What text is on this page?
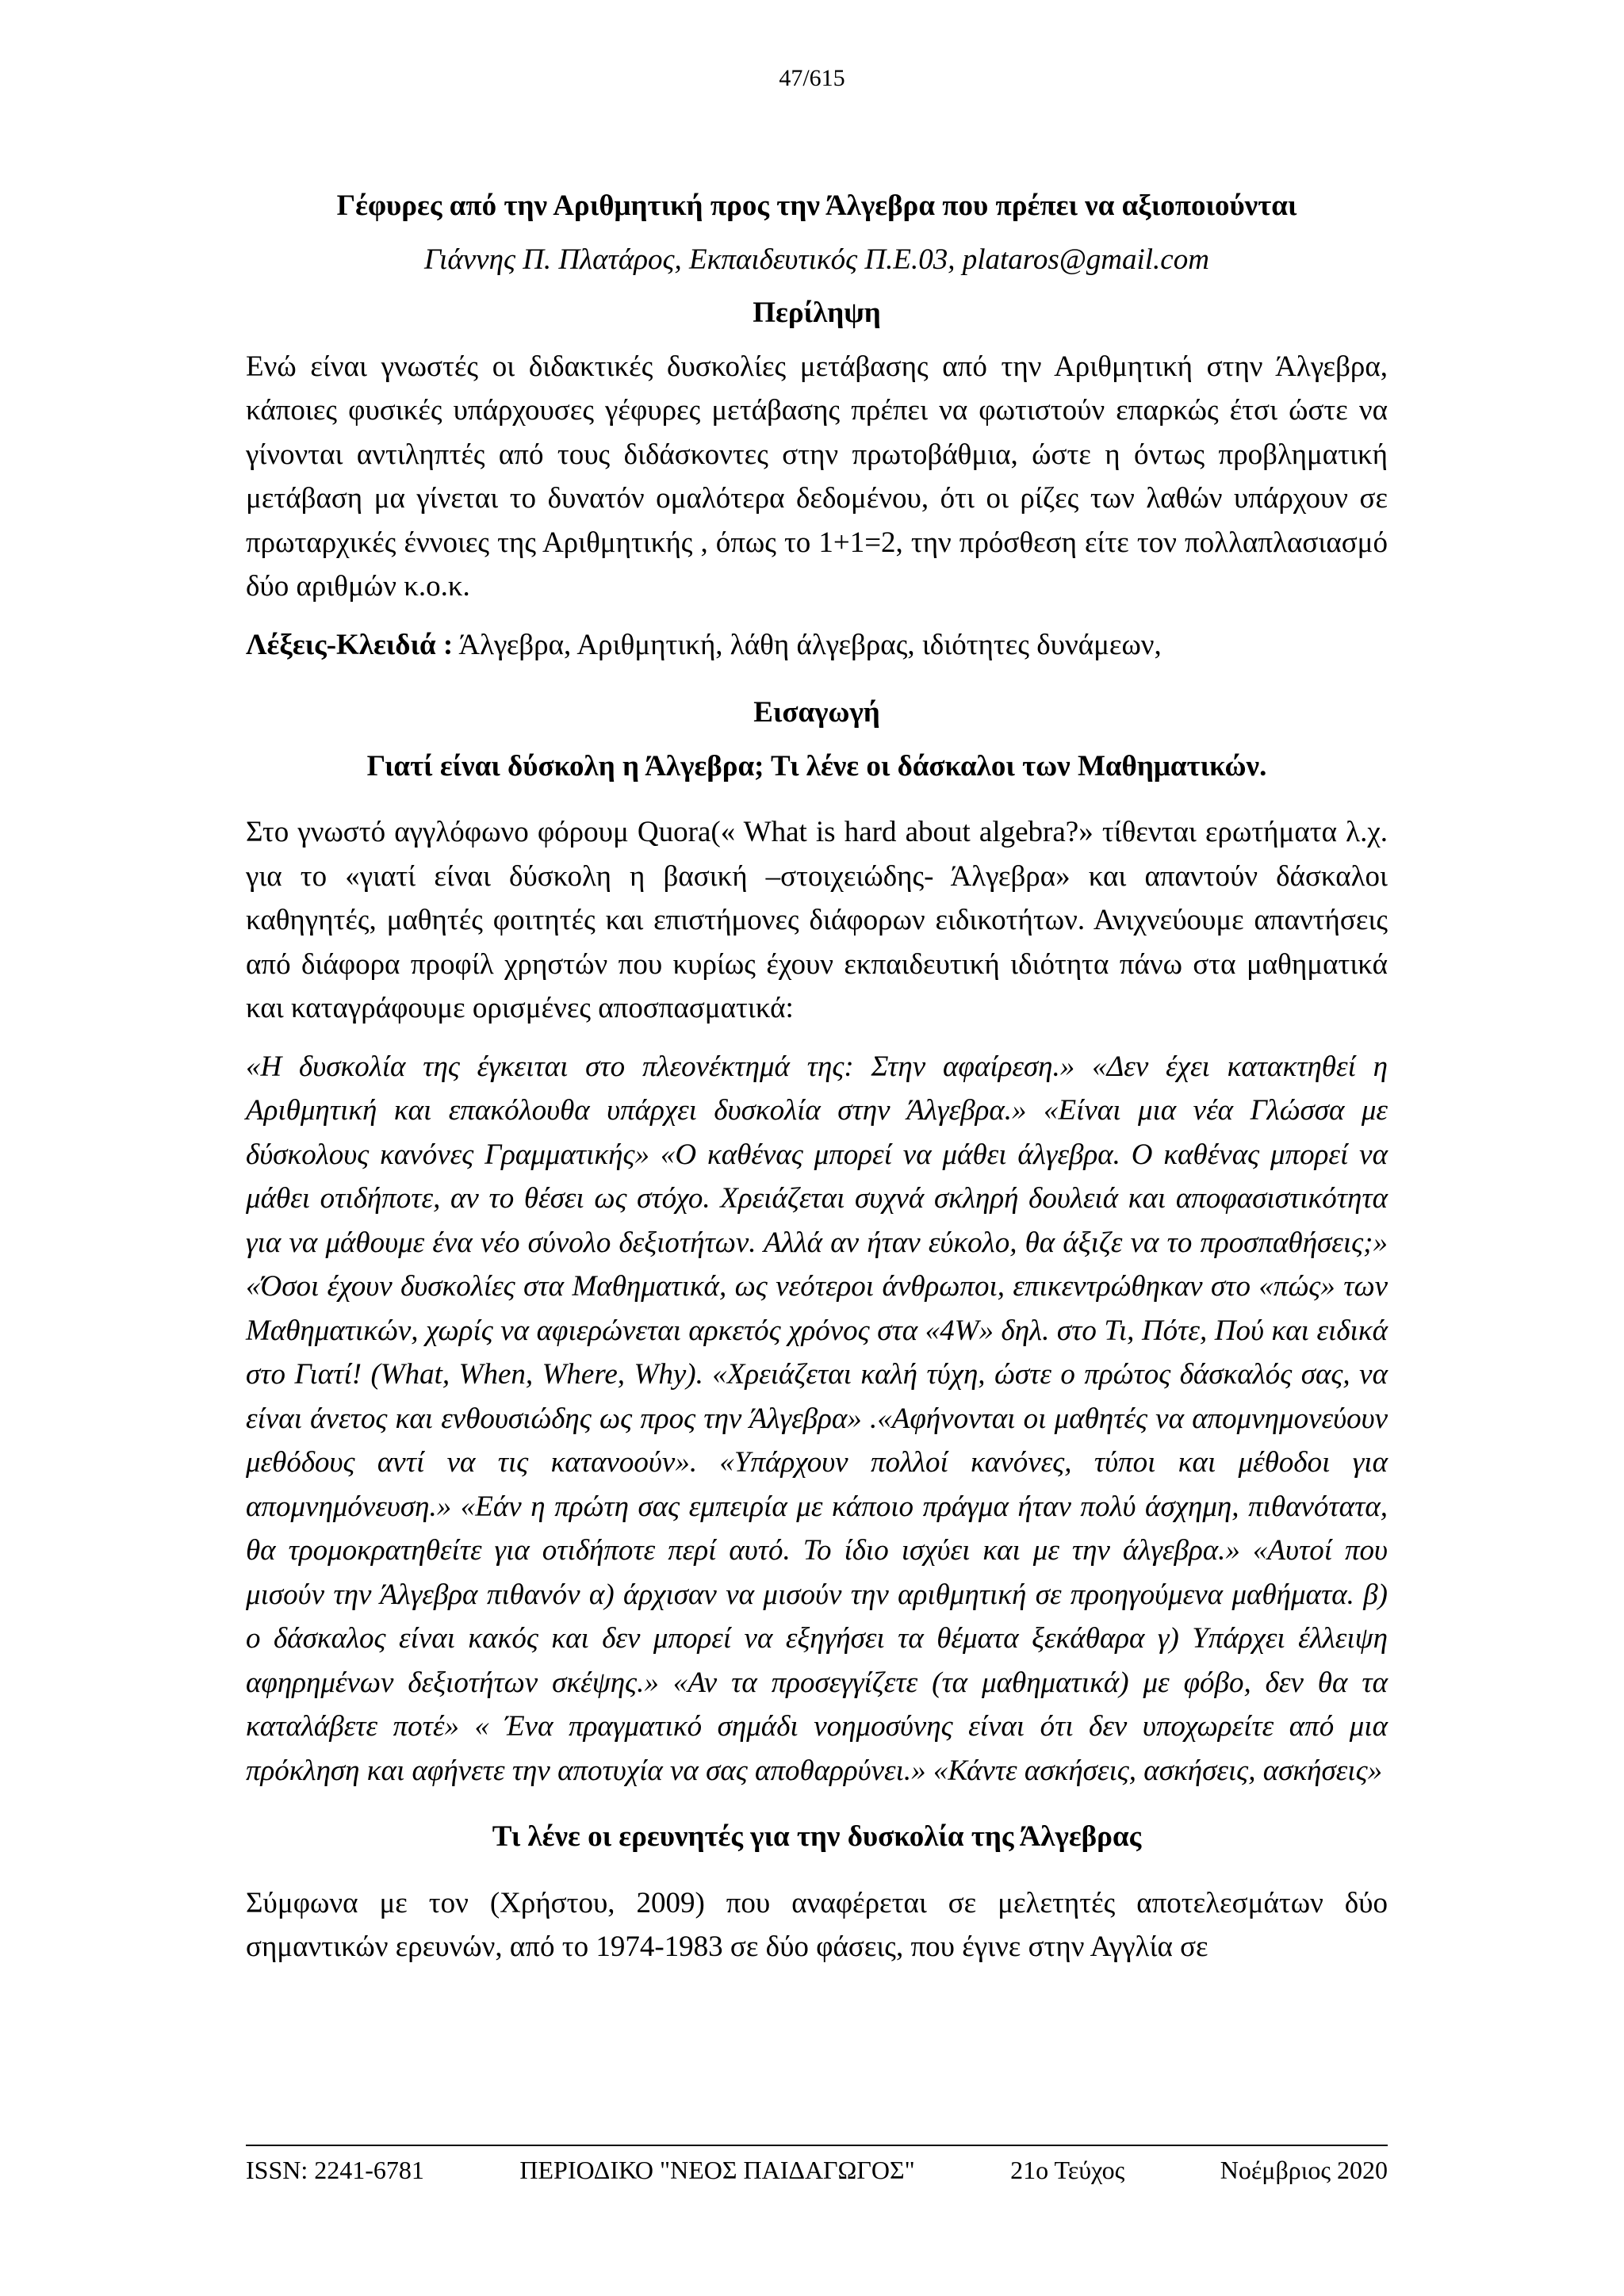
47/615
Γέφυρες από την Αριθμητική προς την Άλγεβρα που πρέπει να αξιοποιούνται
Γιάννης Π. Πλατάρος, Εκπαιδευτικός Π.Ε.03, plataros@gmail.com
Περίληψη

Ενώ είναι γνωστές οι διδακτικές δυσκολίες μετάβασης από την Αριθμητική στην Άλγεβρα, κάποιες φυσικές υπάρχουσες γέφυρες μετάβασης πρέπει να φωτιστούν επαρκώς έτσι ώστε να γίνονται αντιληπτές από τους διδάσκοντες στην πρωτοβάθμια, ώστε η όντως προβληματική μετάβαση μα γίνεται το δυνατόν ομαλότερα δεδομένου, ότι οι ρίζες των λαθών υπάρχουν σε πρωταρχικές έννοιες της Αριθμητικής , όπως το 1+1=2, την πρόσθεση είτε τον πολλαπλασιασμό δύο αριθμών κ.ο.κ.

Λέξεις-Κλειδιά : Άλγεβρα, Αριθμητική, λάθη άλγεβρας, ιδιότητες δυνάμεων,

Εισαγωγή
Γιατί είναι δύσκολη η Άλγεβρα; Τι λένε οι δάσκαλοι των Μαθηματικών.

Στο γνωστό αγγλόφωνο φόρουμ Quora(« What is hard about algebra?» τίθενται ερωτήματα λ.χ. για το «γιατί είναι δύσκολη η βασική –στοιχειώδης- Άλγεβρα» και απαντούν δάσκαλοι καθηγητές, μαθητές φοιτητές και επιστήμονες διάφορων ειδικοτήτων. Ανιχνεύουμε απαντήσεις από διάφορα προφίλ χρηστών που κυρίως έχουν εκπαιδευτική ιδιότητα πάνω στα μαθηματικά και καταγράφουμε ορισμένες αποσπασματικά:

«Η δυσκολία της έγκειται στο πλεονέκτημά της: Στην αφαίρεση.» «Δεν έχει κατακτηθεί η Αριθμητική και επακόλουθα υπάρχει δυσκολία στην Άλγεβρα.» «Είναι μια νέα Γλώσσα με δύσκολους κανόνες Γραμματικής» «Ο καθένας μπορεί να μάθει άλγεβρα. Ο καθένας μπορεί να μάθει οτιδήποτε, αν το θέσει ως στόχο. Χρειάζεται συχνά σκληρή δουλειά και αποφασιστικότητα για να μάθουμε ένα νέο σύνολο δεξιοτήτων. Αλλά αν ήταν εύκολο, θα άξιζε να το προσπαθήσεις;» «Όσοι έχουν δυσκολίες στα Μαθηματικά, ως νεότεροι άνθρωποι, επικεντρώθηκαν στο «πώς» των Μαθηματικών, χωρίς να αφιερώνεται αρκετός χρόνος στα «4W» δηλ. στο Τι, Πότε, Πού και ειδικά στο Γιατί! (What, When, Where, Why). «Χρειάζεται καλή τύχη, ώστε ο πρώτος δάσκαλός σας, να είναι άνετος και ενθουσιώδης ως προς την Άλγεβρα» .«Αφήνονται οι μαθητές να απομνημονεύουν μεθόδους αντί να τις κατανοούν». «Υπάρχουν πολλοί κανόνες, τύποι και μέθοδοι για απομνημόνευση.» «Εάν η πρώτη σας εμπειρία με κάποιο πράγμα ήταν πολύ άσχημη, πιθανότατα, θα τρομοκρατηθείτε για οτιδήποτε περί αυτό. Το ίδιο ισχύει και με την άλγεβρα.» «Αυτοί που μισούν την Άλγεβρα πιθανόν α) άρχισαν να μισούν την αριθμητική σε προηγούμενα μαθήματα. β) ο δάσκαλος είναι κακός και δεν μπορεί να εξηγήσει τα θέματα ξεκάθαρα γ) Υπάρχει έλλειψη αφηρημένων δεξιοτήτων σκέψης.» «Αν τα προσεγγίζετε (τα μαθηματικά) με φόβο, δεν θα τα καταλάβετε ποτέ» « Ένα πραγματικό σημάδι νοημοσύνης είναι ότι δεν υποχωρείτε από μια πρόκληση και αφήνετε την αποτυχία να σας αποθαρρύνει.» «Κάντε ασκήσεις, ασκήσεις, ασκήσεις»

Τι λένε οι ερευνητές για την δυσκολία της Άλγεβρας

Σύμφωνα με τον (Χρήστου, 2009) που αναφέρεται σε μελετητές αποτελεσμάτων δύο σημαντικών ερευνών, από το 1974-1983 σε δύο φάσεις, που έγινε στην Αγγλία σε

ISSN: 2241-6781	ΠΕΡΙΟΔΙΚΟ "ΝΕΟΣ ΠΑΙΔΑΓΩΓΟΣ"	21ο Τεύχος	Νοέμβριος 2020
